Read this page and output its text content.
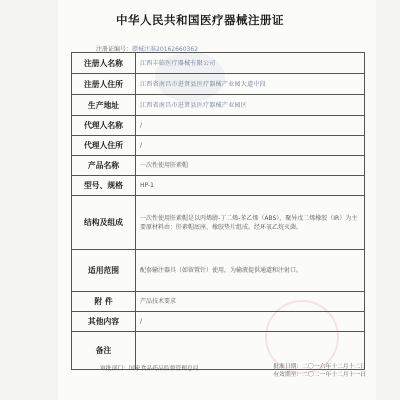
中华人民共和国医疗器械注册证
注册证编号：赣械注准20162660362
注册人名称	江西丰临医疗器械有限公司
注册人住所	江西省南昌市进贤县医疗器械产业园大道中段
生产地址	江西省南昌市进贤县医疗器械产业园区
代理人名称	/
代理人住所	/
产品名称	一次性使用肝素帽
型号、规格	HP-1
结构及组成	一次性使用肝素帽是以丙烯腈-丁二烯-苯乙烯（ABS）、聚异戊二烯橡胶（IR）为主要原材料由：肝素帽底座、橡胶垫片组成。经环氧乙烷灭菌。
适用范围	配套输注器具（如留置针）使用，为输液提供通道和注射口。
附 件	产品技术要求
其他内容	/
备注	
审批部门：国家食品药品监督管理总局	批准日期：二〇一六年十二月十二日
有效期至：二〇二一年十二月十一日
